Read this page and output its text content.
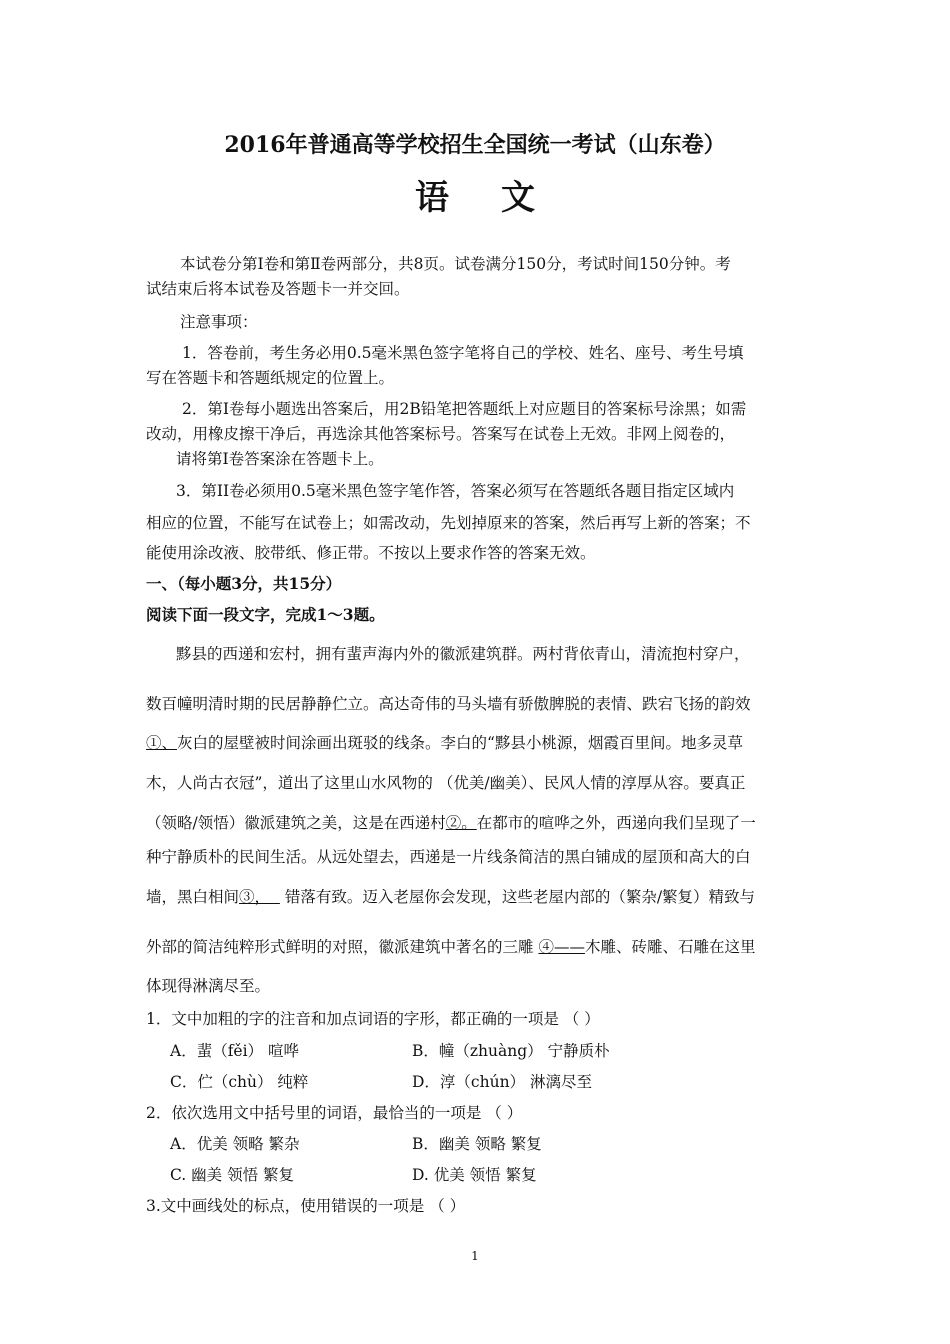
2016年普通高等学校招生全国统一考试（山东卷）
语文
本试卷分第Ⅰ卷和第Ⅱ卷两部分，共8页。试卷满分150分，考试时间150分钟。考
试结束后将本试卷及答题卡一并交回。
注意事项：
1．答卷前，考生务必用0.5毫米黑色签字笔将自己的学校、姓名、座号、考生号填
写在答题卡和答题纸规定的位置上。
2．第Ⅰ卷每小题选出答案后，用2B铅笔把答题纸上对应题目的答案标号涂黑；如需
改动，用橡皮擦干净后，再选涂其他答案标号。答案写在试卷上无效。非网上阅卷的，
请将第Ⅰ卷答案涂在答题卡上。
3．第II卷必须用0.5毫米黑色签字笔作答，答案必须写在答题纸各题目指定区域内
相应的位置，不能写在试卷上；如需改动，先划掉原来的答案，然后再写上新的答案；不
能使用涂改液、胶带纸、修正带。不按以上要求作答的答案无效。
一、（每小题3分，共15分）
阅读下面一段文字，完成1～3题。
黟县的西递和宏村，拥有蜚声海内外的徽派建筑群。两村背依青山，清流抱村穿户，
数百幢明清时期的民居静静伫立。高达奇伟的马头墙有骄傲脾脱的表情、跌宕飞扬的韵效
①、灰白的屋壁被时间涂画出斑驳的线条。李白的“黟县小桃源，烟霞百里间。地多灵草
木，人尚古衣冠”，道出了这里山水风物的 （优美/幽美）、民风人情的淳厚从容。要真正
（领略/领悟）徽派建筑之美，这是在西递村②。在都市的喧哗之外，西递向我们呈现了一
种宁静质朴的民间生活。从远处望去，西递是一片线条简洁的黑白铺成的屋顶和高大的白
墙，黑白相间③， 错落有致。迈入老屋你会发现，这些老屋内部的（繁杂/繁复）精致与
外部的简洁纯粹形式鲜明的对照，徽派建筑中著名的三雕 ④——木雕、砖雕、石雕在这里
体现得淋漓尽至。
1．文中加粗的字的注音和加点词语的字形，都正确的一项是 （ ）
A．蜚（fěi） 喧哗	B．幢（zhuàng） 宁静质朴
C．伫（chù） 纯粹	D．淳（chún） 淋漓尽至
2．依次选用文中括号里的词语，最恰当的一项是 （ ）
A．优美 领略 繁杂	B．幽美 领略 繁复
C. 幽美 领悟 繁复	D. 优美 领悟 繁复
3.文中画线处的标点，使用错误的一项是 （ ）
1
